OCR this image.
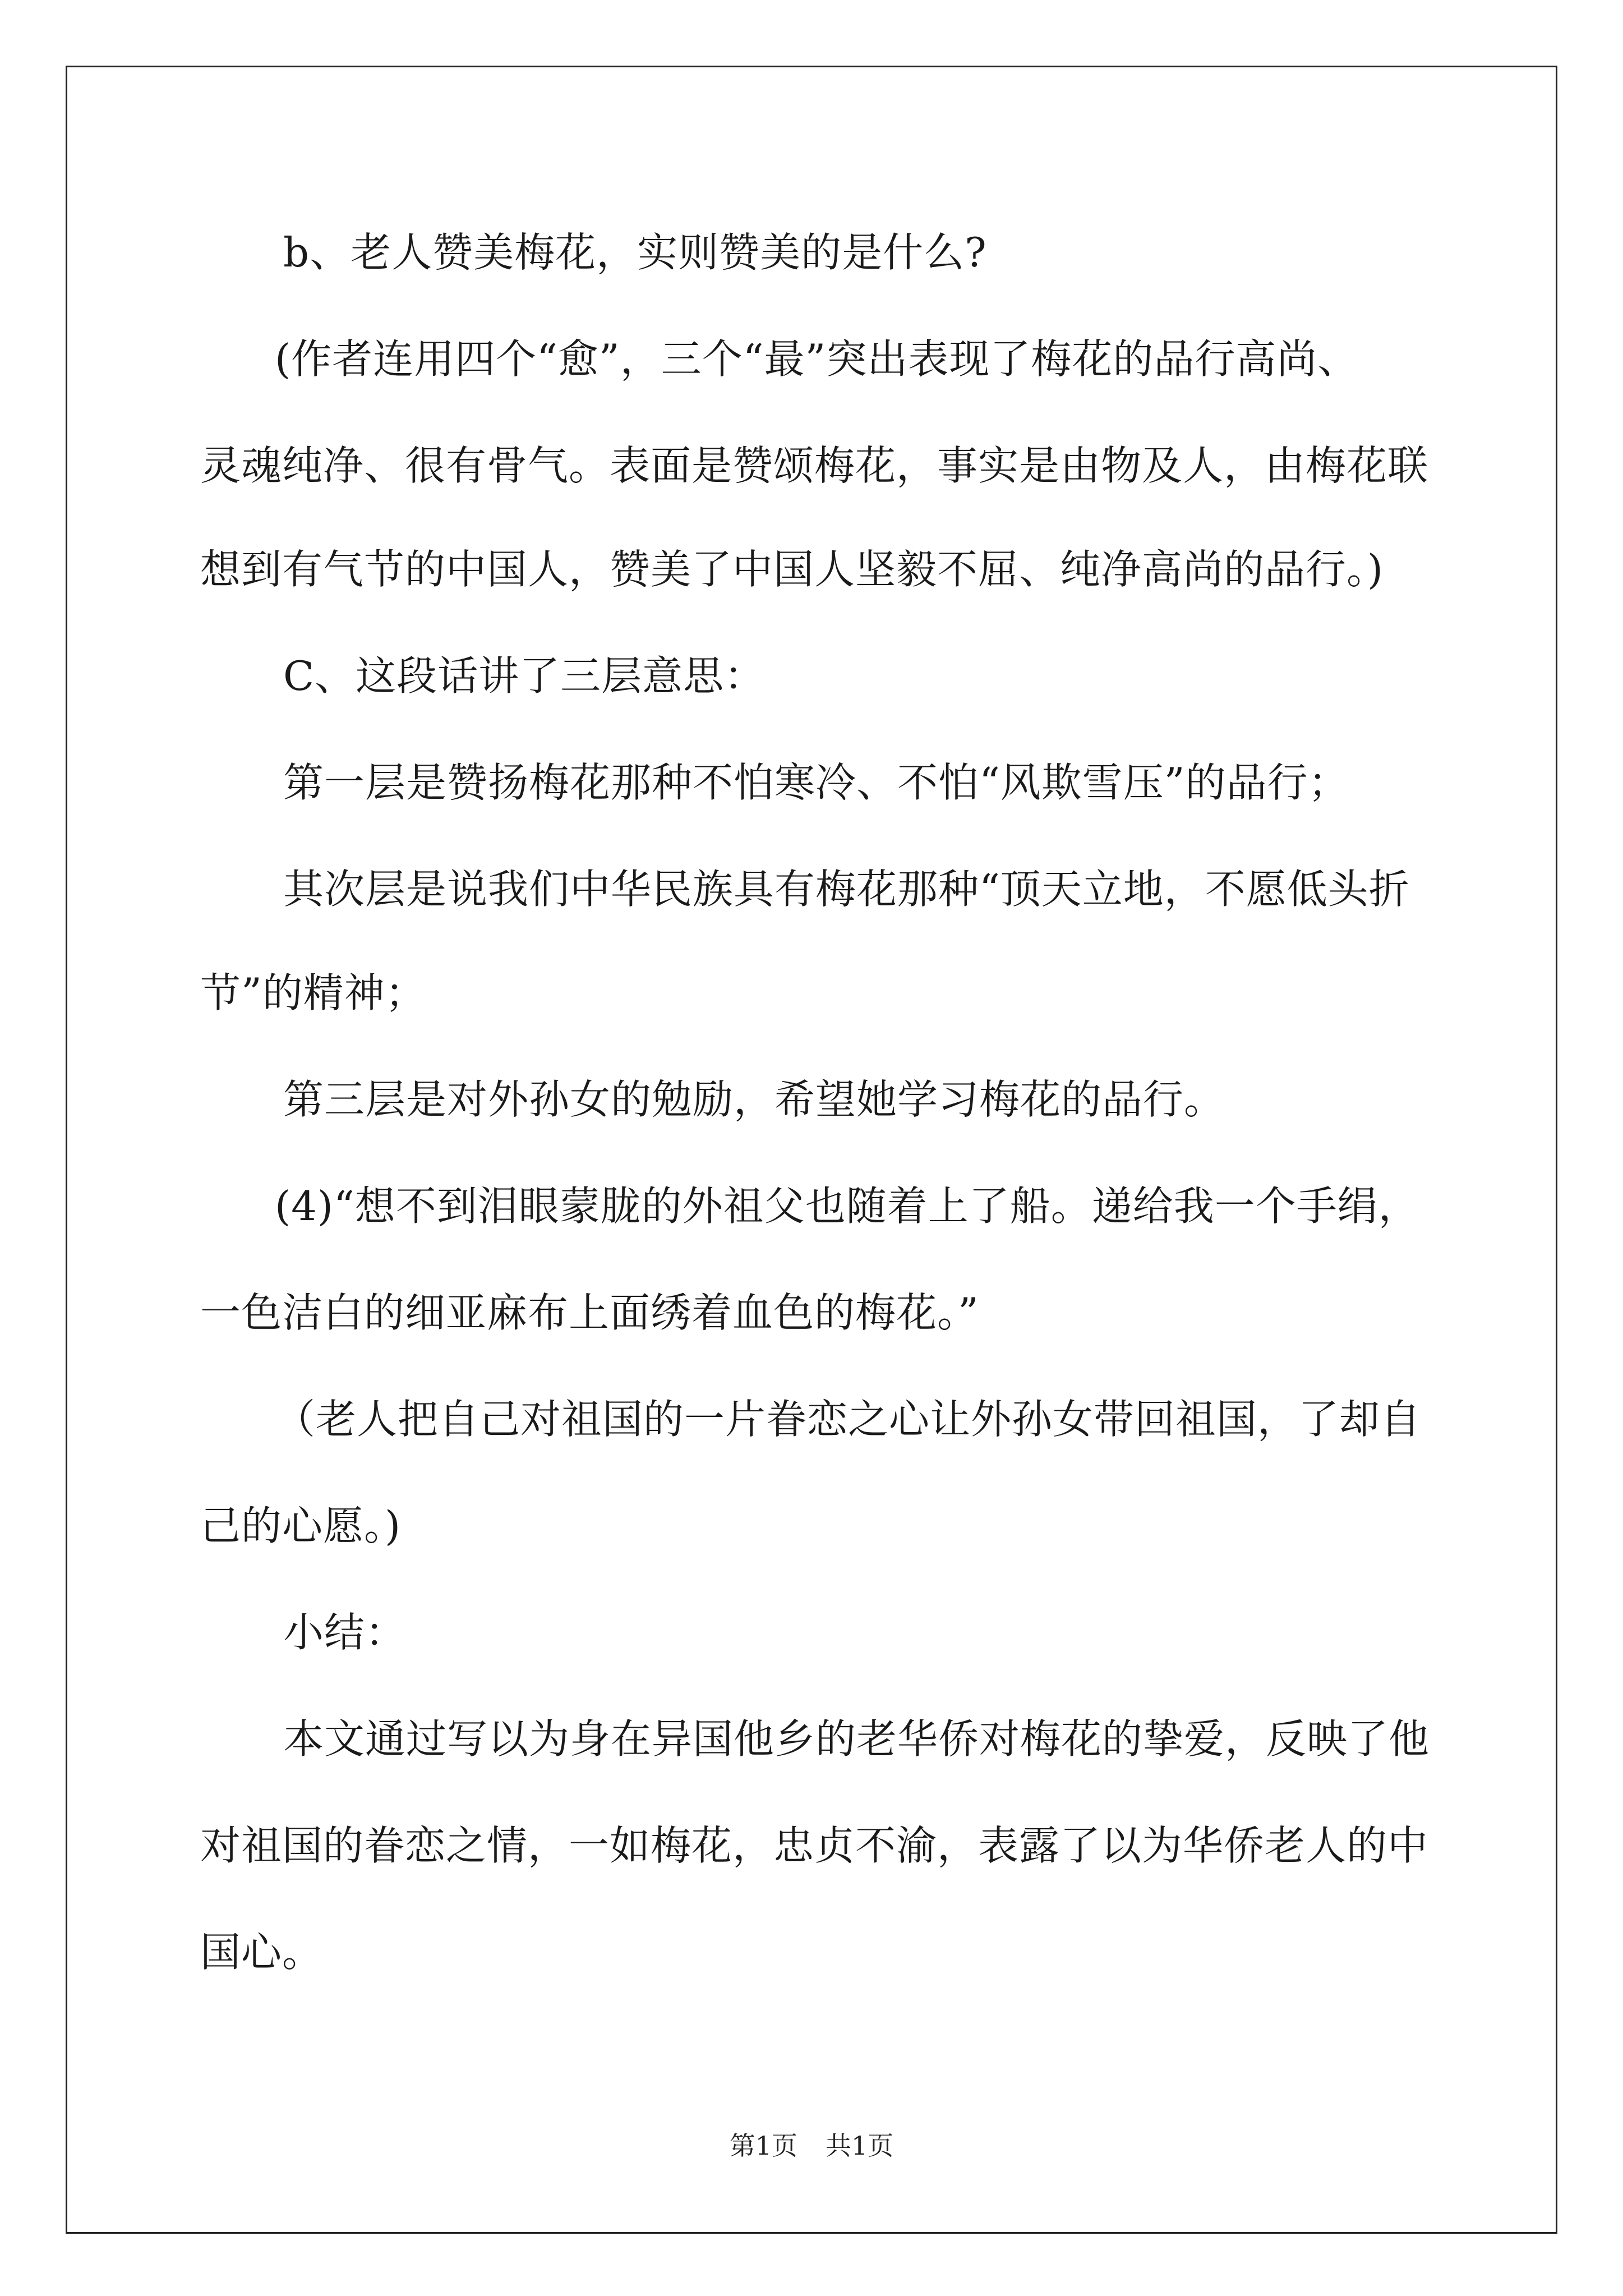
b、老人赞美梅花，实则赞美的是什么?
(作者连用四个“愈”，三个“最”突出表现了梅花的品行高尚、
灵魂纯净、很有骨气。表面是赞颂梅花，事实是由物及人，由梅花联
想到有气节的中国人，赞美了中国人坚毅不屈、纯净高尚的品行。)
C、这段话讲了三层意思：
第一层是赞扬梅花那种不怕寒冷、不怕“风欺雪压”的品行；
其次层是说我们中华民族具有梅花那种“顶天立地，不愿低头折
节”的精神；
第三层是对外孙女的勉励，希望她学习梅花的品行。
(4)“想不到泪眼蒙胧的外祖父也随着上了船。递给我一个手绢，
一色洁白的细亚麻布上面绣着血色的梅花。”
（老人把自己对祖国的一片眷恋之心让外孙女带回祖国，了却自
己的心愿。)
小结：
本文通过写以为身在异国他乡的老华侨对梅花的挚爱，反映了他
对祖国的眷恋之情，一如梅花，忠贞不渝，表露了以为华侨老人的中
国心。
第1页 共1页
